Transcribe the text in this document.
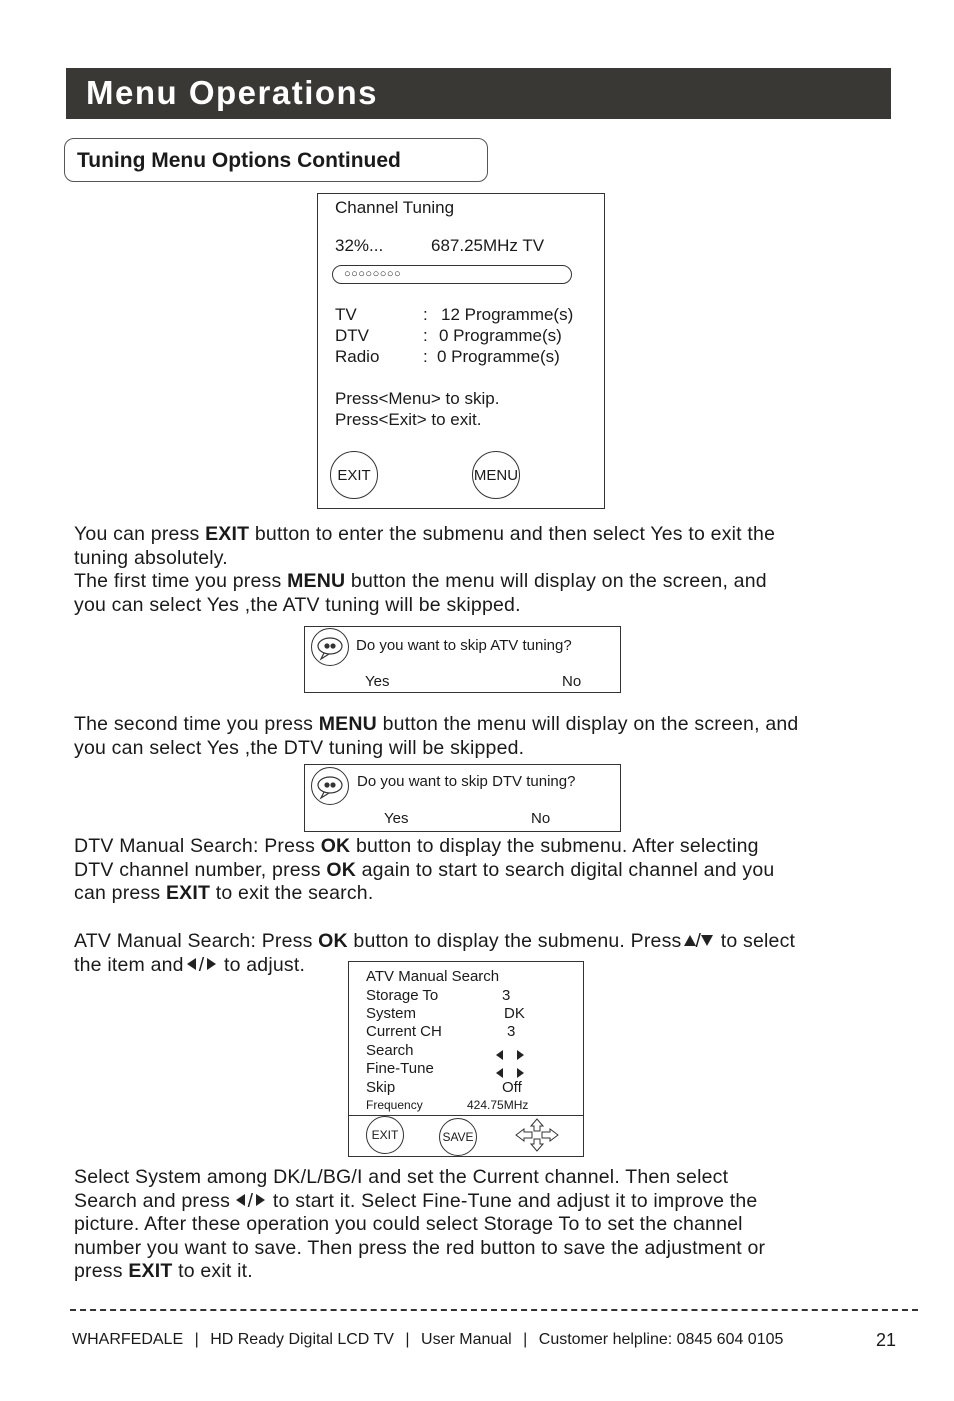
Menu Operations
Tuning Menu Options Continued
Channel Tuning
32%...	687.25MHz TV
○○○○○○○○
TV	: 12 Programme(s)
DTV	: 0 Programme(s)
Radio	: 0 Programme(s)
Press<Menu> to skip.
Press<Exit> to exit.
EXIT	MENU
You can press EXIT button to enter the submenu and then select Yes to exit the
tuning absolutely.
The first time you press MENU button the menu will display on the screen, and
you can select Yes ,the ATV tuning will be skipped.
Do you want to skip ATV tuning?
Yes	No
The second time you press MENU button the menu will display on the screen, and
you can select Yes ,the DTV tuning will be skipped.
Do you want to skip DTV tuning?
Yes	No
DTV Manual Search: Press OK button to display the submenu. After selecting
DTV channel number, press OK again to start to search digital channel and you
can press EXIT to exit the search.
ATV Manual Search: Press OK button to display the submenu. Press / to select
the item and / to adjust.
ATV Manual Search
Storage To	3
System	DK
Current CH	3
Search
Fine-Tune
Skip	Off
Frequency	424.75MHz
EXIT	SAVE
Select System among DK/L/BG/I and set the Current channel. Then select
Search and press / to start it. Select Fine-Tune and adjust it to improve the
picture. After these operation you could select Storage To to set the channel
number you want to save. Then press the red button to save the adjustment or
press EXIT to exit it.
WHARFEDALE | HD Ready Digital LCD TV | User Manual | Customer helpline: 0845 604 0105	21
